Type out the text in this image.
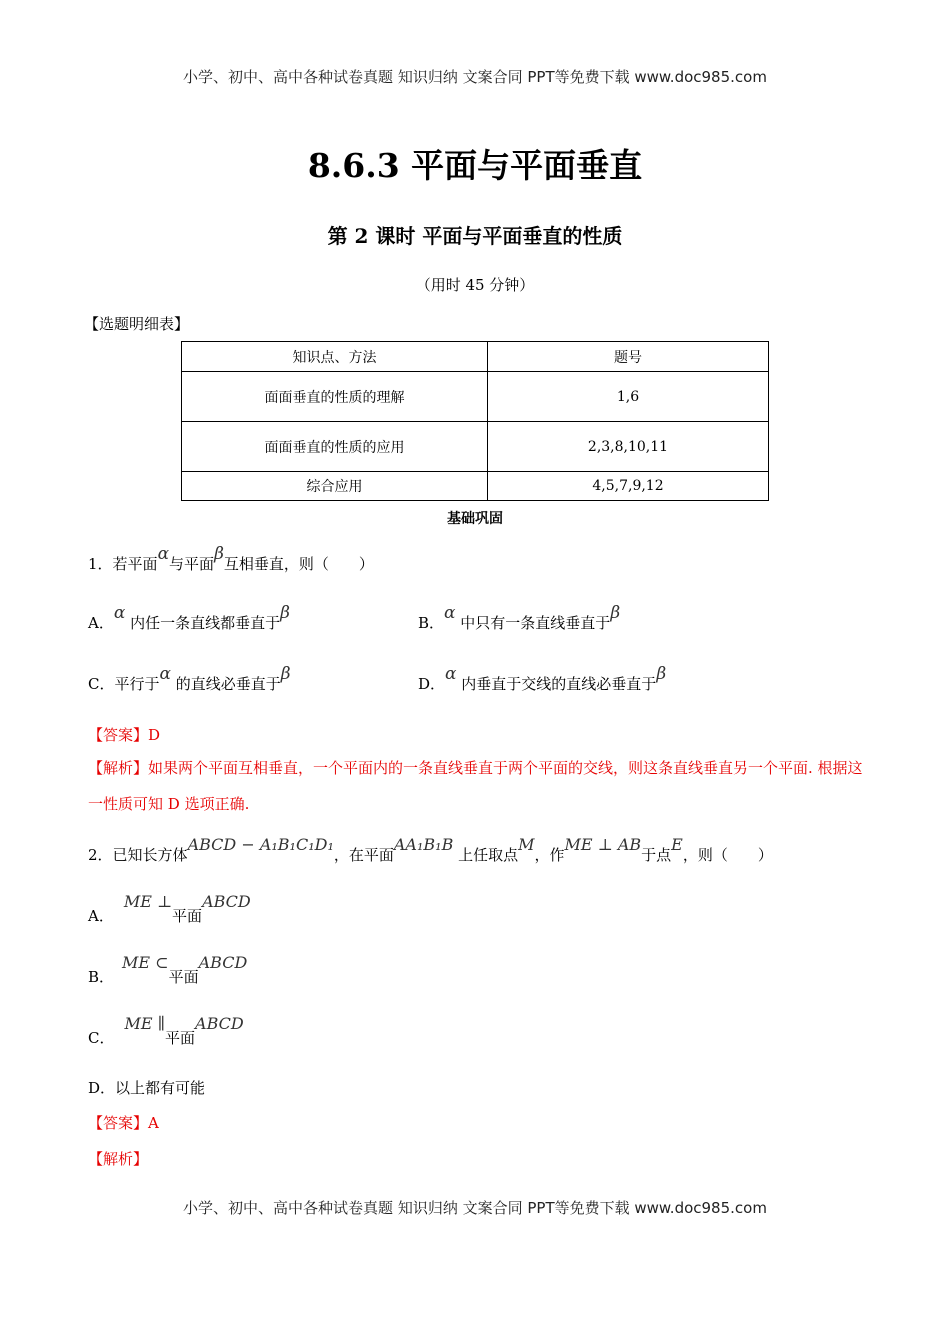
小学、初中、高中各种试卷真题 知识归纳 文案合同 PPT等免费下载 www.doc985.com
8.6.3 平面与平面垂直
第 2 课时 平面与平面垂直的性质
（用时 45 分钟）
【选题明细表】
知识点、方法	题号
面面垂直的性质的理解	1,6
面面垂直的性质的应用	2,3,8,10,11
综合应用	4,5,7,9,12
基础巩固
1．若平面α与平面β互相垂直，则（　　）
A．α 内任一条直线都垂直于β	B．α 中只有一条直线垂直于β
C．平行于α 的直线必垂直于β	D．α 内垂直于交线的直线必垂直于β
【答案】D
【解析】如果两个平面互相垂直，一个平面内的一条直线垂直于两个平面的交线，则这条直线垂直另一个平面. 根据这一性质可知 D 选项正确.
2．已知长方体ABCD − A₁B₁C₁D₁，在平面AA₁B₁B 上任取点M，作ME ⊥ AB于点E，则（　　）
A．ME ⊥平面ABCD
B．ME ⊂平面ABCD
C．ME ∥平面ABCD
D．以上都有可能
【答案】A
【解析】
小学、初中、高中各种试卷真题 知识归纳 文案合同 PPT等免费下载 www.doc985.com
